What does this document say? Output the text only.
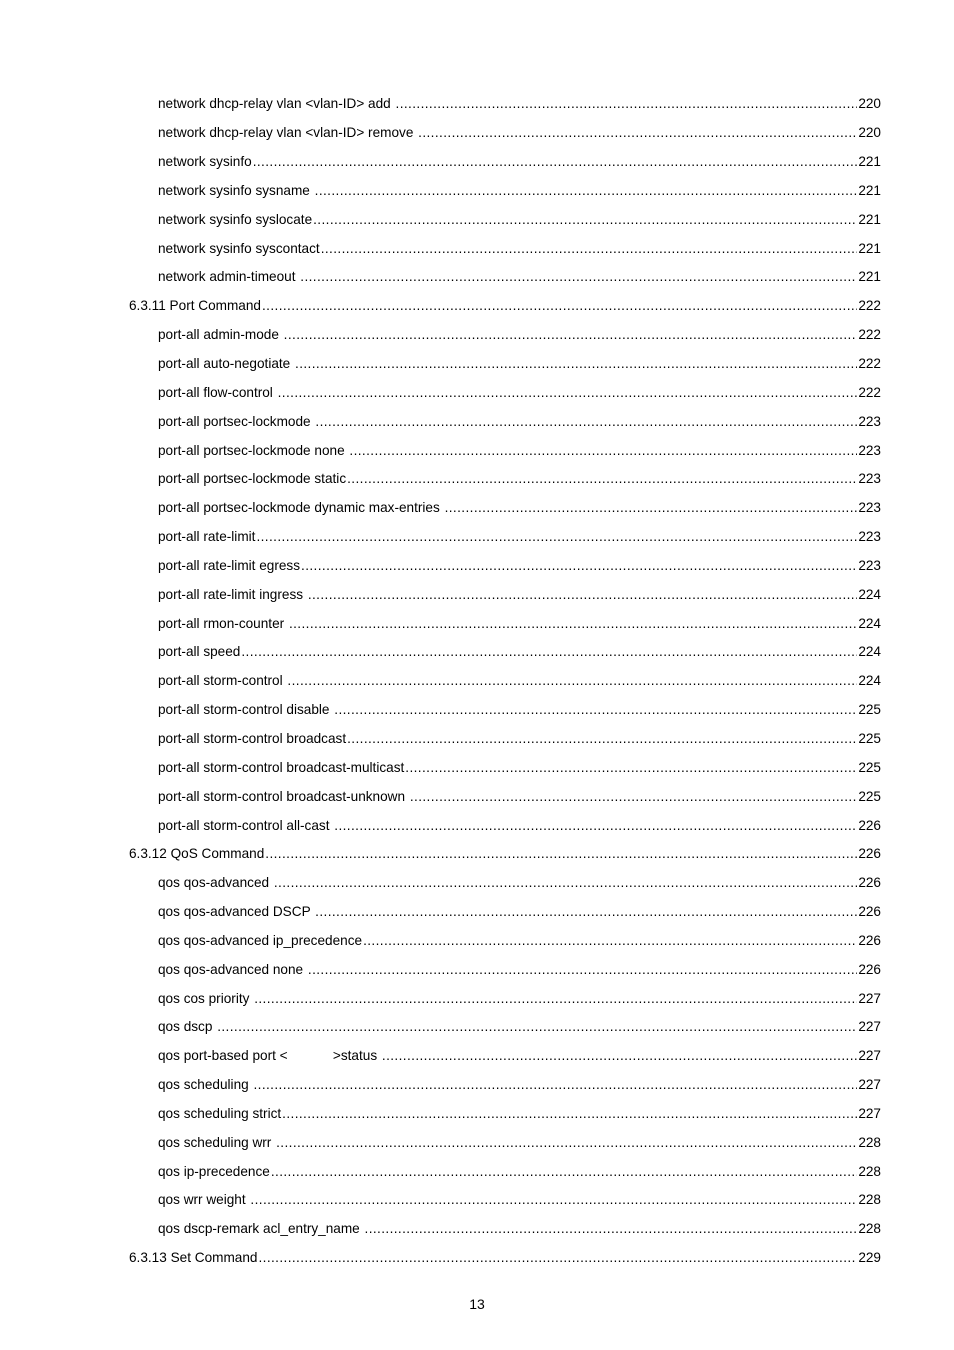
network dhcp-relay vlan <vlan-ID> add .....	220
network dhcp-relay vlan <vlan-ID> remove .....	220
network sysinfo .....	221
network sysinfo sysname .....	221
network sysinfo syslocate .....	221
network sysinfo syscontact .....	221
network admin-timeout .....	221
6.3.11 Port Command .....	222
port-all admin-mode .....	222
port-all auto-negotiate .....	222
port-all flow-control .....	222
port-all portsec-lockmode .....	223
port-all portsec-lockmode none .....	223
port-all portsec-lockmode static .....	223
port-all portsec-lockmode dynamic max-entries .....	223
port-all rate-limit .....	223
port-all rate-limit egress .....	223
port-all rate-limit ingress .....	224
port-all rmon-counter .....	224
port-all speed .....	224
port-all storm-control .....	224
port-all storm-control disable .....	225
port-all storm-control broadcast .....	225
port-all storm-control broadcast-multicast .....	225
port-all storm-control broadcast-unknown .....	225
port-all storm-control all-cast .....	226
6.3.12 QoS Command .....	226
qos qos-advanced .....	226
qos qos-advanced DSCP .....	226
qos qos-advanced ip_precedence .....	226
qos qos-advanced none .....	226
qos cos priority .....	227
qos dscp .....	227
qos port-based port <            >status .....	227
qos scheduling .....	227
qos scheduling strict .....	227
qos scheduling wrr .....	228
qos ip-precedence .....	228
qos wrr weight .....	228
qos dscp-remark acl_entry_name .....	228
6.3.13 Set Command .....	229
13
